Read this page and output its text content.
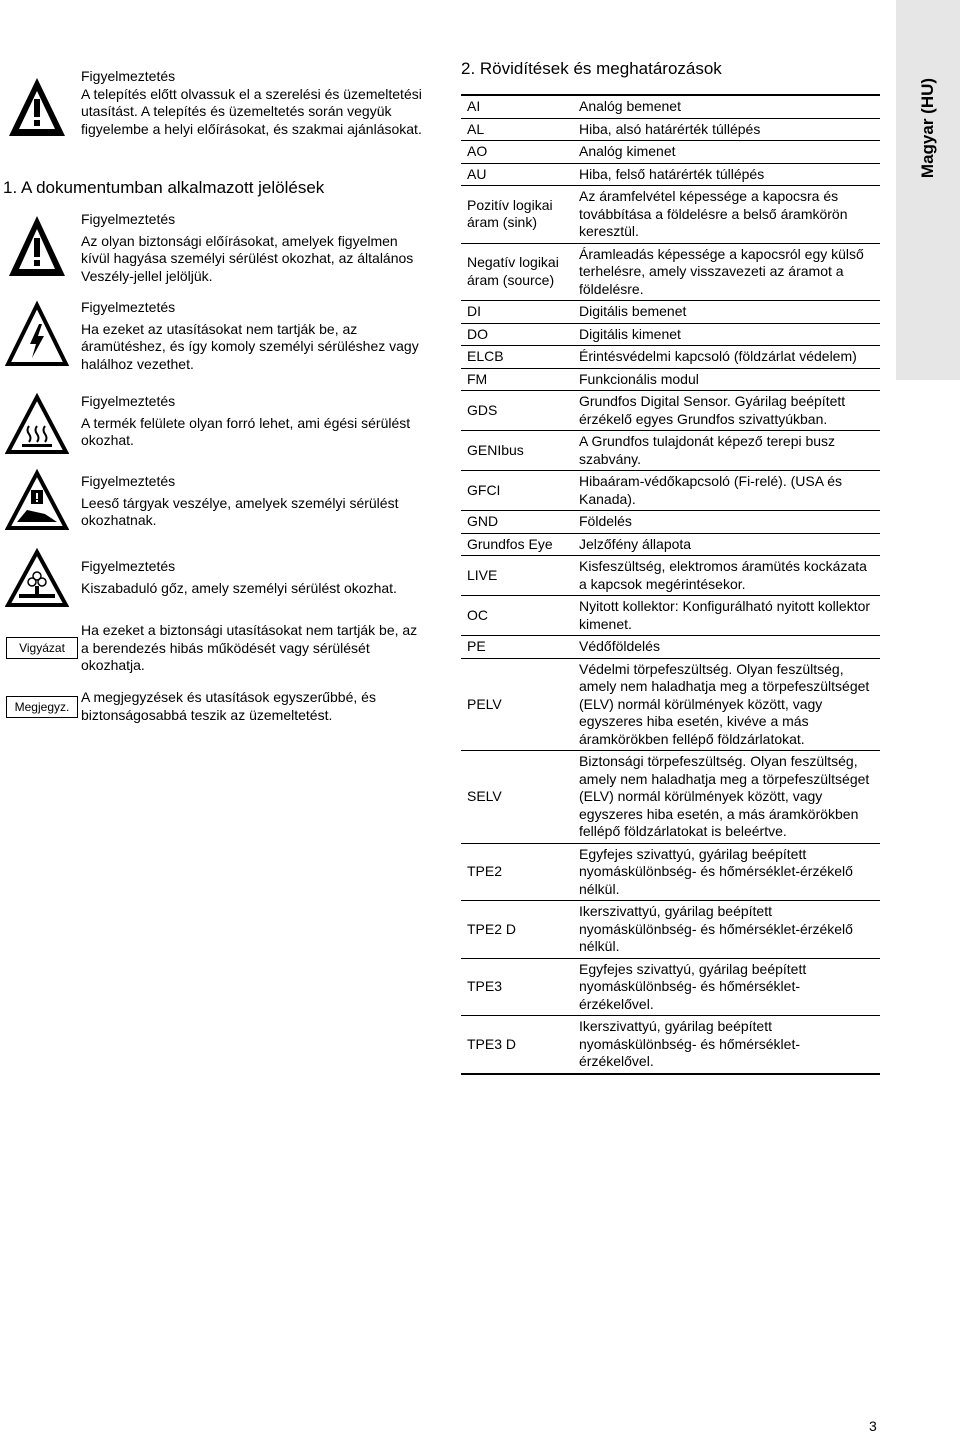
Magyar (HU)
Figyelmeztetés
A telepítés előtt olvassuk el a szerelési és üzemeltetési utasítást. A telepítés és üzemeltetés során vegyük figyelembe a helyi előírásokat, és szakmai ajánlásokat.
1. A dokumentumban alkalmazott jelölések
Figyelmeztetés
Az olyan biztonsági előírásokat, amelyek figyelmen kívül hagyása személyi sérülést okozhat, az általános Veszély-jellel jelöljük.
Figyelmeztetés
Ha ezeket az utasításokat nem tartják be, az áramütéshez, és így komoly személyi sérüléshez vagy halálhoz vezethet.
Figyelmeztetés
A termék felülete olyan forró lehet, ami égési sérülést okozhat.
Figyelmeztetés
Leeső tárgyak veszélye, amelyek személyi sérülést okozhatnak.
Figyelmeztetés
Kiszabaduló gőz, amely személyi sérülést okozhat.
Vigyázat
Ha ezeket a biztonsági utasításokat nem tartják be, az a berendezés hibás működését vagy sérülését okozhatja.
Megjegyz.
A megjegyzések és utasítások egyszerűbbé, és biztonságosabbá teszik az üzemeltetést.
2. Rövidítések és meghatározások
AI	Analóg bemenet
AL	Hiba, alsó határérték túllépés
AO	Analóg kimenet
AU	Hiba, felső határérték túllépés
Pozitív logikai áram (sink)	Az áramfelvétel képessége a kapocsra és továbbítása a földelésre a belső áramkörön keresztül.
Negatív logikai áram (source)	Áramleadás képessége a kapocsról egy külső terhelésre, amely visszavezeti az áramot a földelésre.
DI	Digitális bemenet
DO	Digitális kimenet
ELCB	Érintésvédelmi kapcsoló (földzárlat védelem)
FM	Funkcionális modul
GDS	Grundfos Digital Sensor. Gyárilag beépített érzékelő egyes Grundfos szivattyúkban.
GENIbus	A Grundfos tulajdonát képező terepi busz szabvány.
GFCI	Hibaáram-védőkapcsoló (Fi-relé). (USA és Kanada).
GND	Földelés
Grundfos Eye	Jelzőfény állapota
LIVE	Kisfeszültség, elektromos áramütés kockázata a kapcsok megérintésekor.
OC	Nyitott kollektor: Konfigurálható nyitott kollektor kimenet.
PE	Védőföldelés
PELV	Védelmi törpefeszültség. Olyan feszültség, amely nem haladhatja meg a törpefeszültséget (ELV) normál körülmények között, vagy egyszeres hiba esetén, kivéve a más áramkörökben fellépő földzárlatokat.
SELV	Biztonsági törpefeszültség. Olyan feszültség, amely nem haladhatja meg a törpefeszültséget (ELV) normál körülmények között, vagy egyszeres hiba esetén, a más áramkörökben fellépő földzárlatokat is beleértve.
TPE2	Egyfejes szivattyú, gyárilag beépített nyomáskülönbség- és hőmérséklet-érzékelő nélkül.
TPE2 D	Ikerszivattyú, gyárilag beépített nyomáskülönbség- és hőmérséklet-érzékelő nélkül.
TPE3	Egyfejes szivattyú, gyárilag beépített nyomáskülönbség- és hőmérséklet-érzékelővel.
TPE3 D	Ikerszivattyú, gyárilag beépített nyomáskülönbség- és hőmérséklet-érzékelővel.
3
